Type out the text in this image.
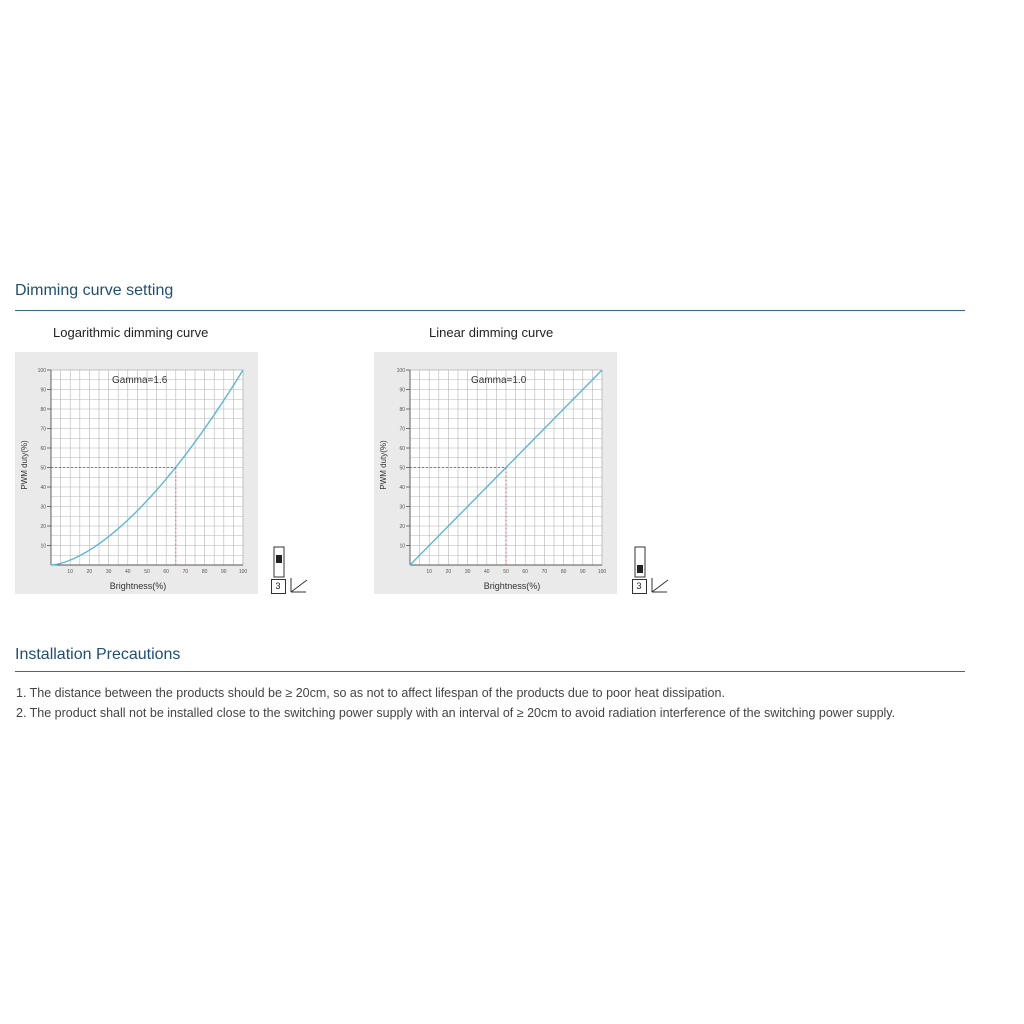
Dimming curve setting
Logarithmic dimming curve
10
20
30
40
50
60
70
80
90
100
10	20	30	40	50	60	70	80	90 100
PWM duty(%)
Brightness(%)
Gamma=1.6
3
Linear dimming curve
10
20
30
40
50
60
70
80
90
100
10	20	30	40	50	60	70	80	90 100
PWM duty(%)
Brightness(%)
Gamma=1.0
3
Installation Precautions
1. The distance between the products should be ≥ 20cm, so as not to affect lifespan of the products due to poor heat dissipation.
2. The product shall not be installed close to the switching power supply with an interval of ≥ 20cm to avoid radiation interference of the switching power supply.
